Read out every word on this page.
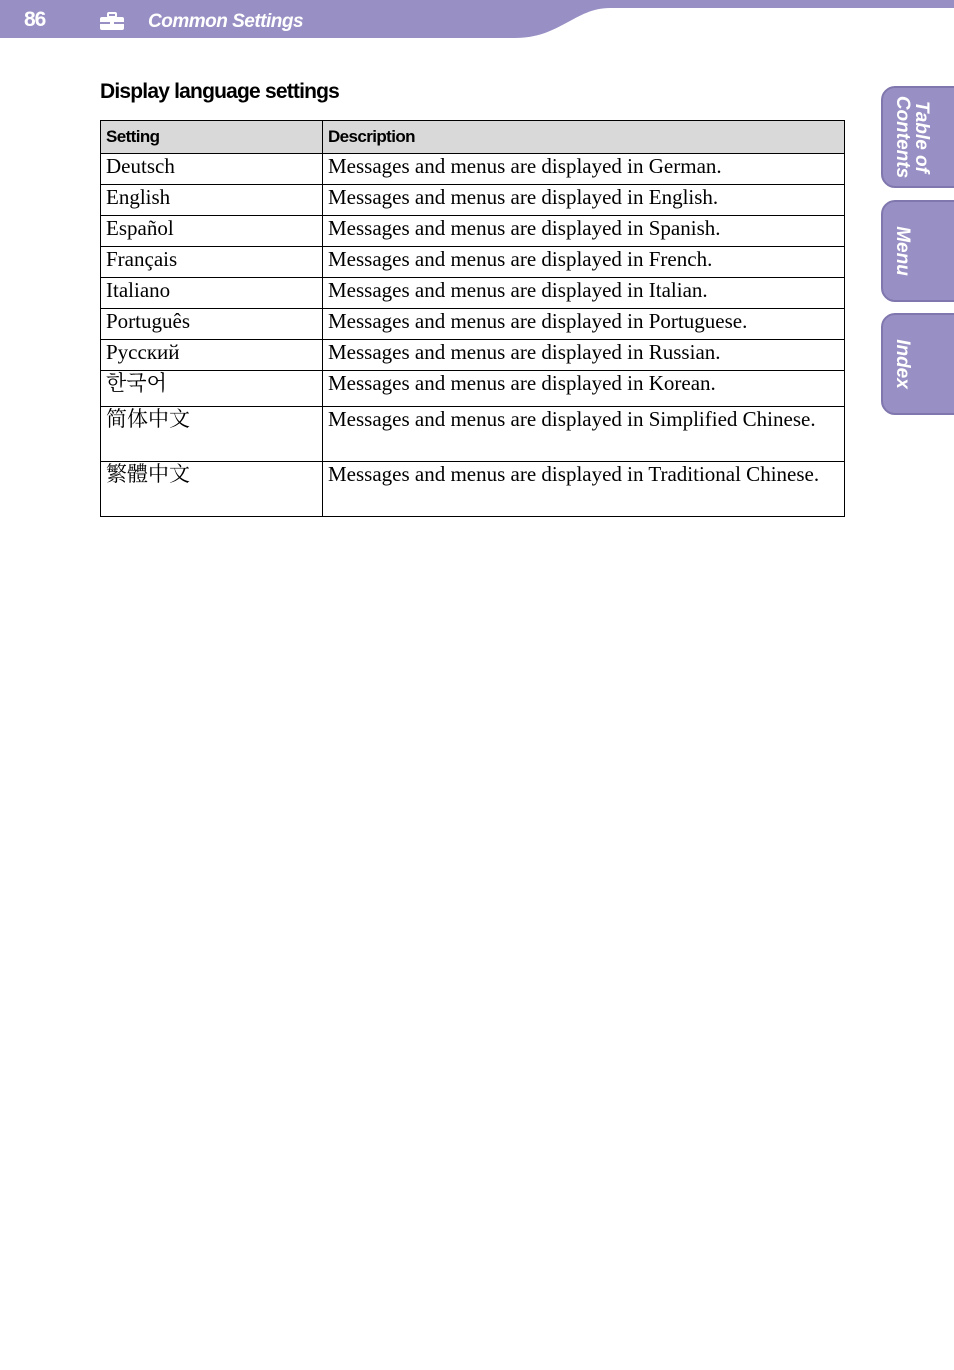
86	Common Settings
Display language settings
Setting	Description
Deutsch	Messages and menus are displayed in German.
English	Messages and menus are displayed in English.
Español	Messages and menus are displayed in Spanish.
Français	Messages and menus are displayed in French.
Italiano	Messages and menus are displayed in Italian.
Português	Messages and menus are displayed in Portuguese.
Русский	Messages and menus are displayed in Russian.
한국어	Messages and menus are displayed in Korean.
简体中文	Messages and menus are displayed in Simplified Chinese.
繁體中文	Messages and menus are displayed in Traditional Chinese.
Table of
Contents
Menu
Index
